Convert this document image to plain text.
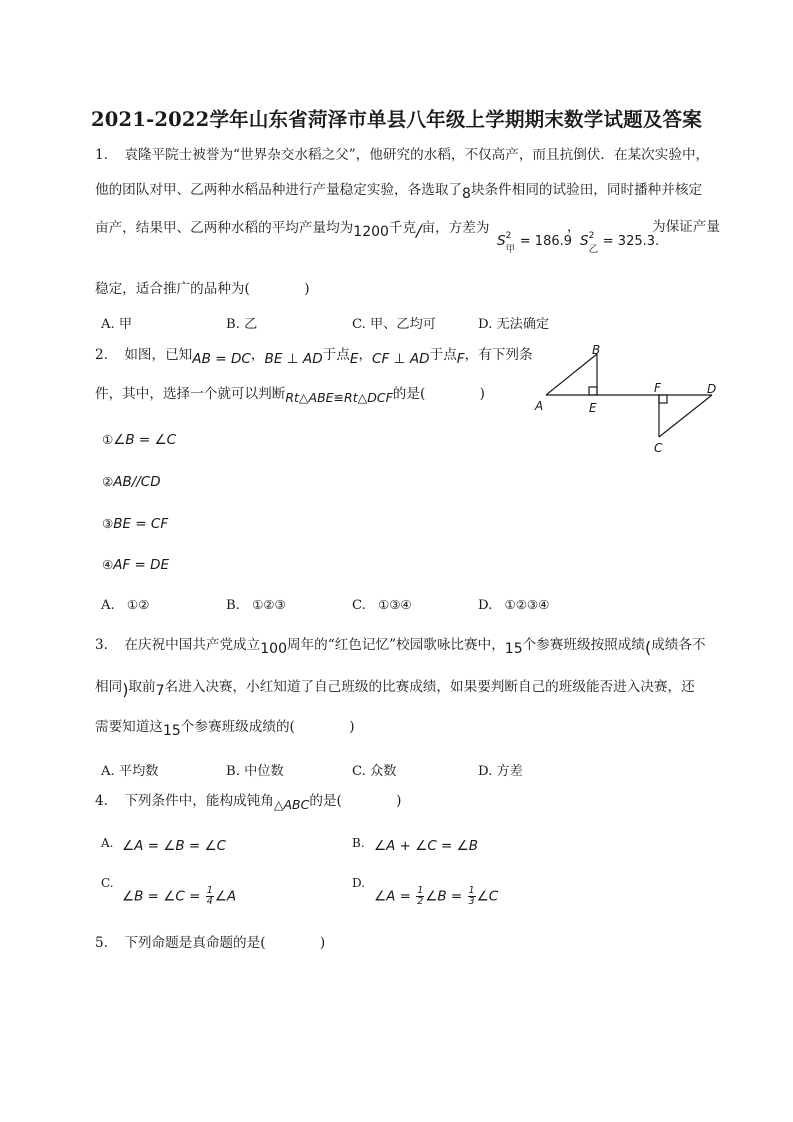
2021-2022学年山东省菏泽市单县八年级上学期期末数学试题及答案
1. 袁隆平院士被誉为“世界杂交水稻之父”，他研究的水稻，不仅高产，而且抗倒伏．在某次实验中，
他的团队对甲、乙两种水稻品种进行产量稳定实验，各选取了8块条件相同的试验田，同时播种并核定
亩产，结果甲、乙两种水稻的平均产量均为1200千克/亩，方差为
S 2
甲
= 186.9
，
S 2
乙
= 325.3.
为保证产量
稳定，适合推广的品种为(　　　　)
A. 甲	B. 乙	C. 甲、乙均可	D. 无法确定
2. 如图，已知AB = DC，BE ⊥ AD于点E，CF ⊥ AD于点F，有下列条
件，其中，选择一个就可以判断Rt△ABE≌Rt△DCF的是(　　　　)
①∠B = ∠C
②AB//CD
③BE = CF
④AF = DE
A. ①②	B. ①②③	C. ①③④	D. ①②③④
A
B
E
F	D
C
3. 在庆祝中国共产党成立100周年的“红色记忆”校园歌咏比赛中，15个参赛班级按照成绩(成绩各不
相同)取前7名进入决赛，小红知道了自己班级的比赛成绩，如果要判断自己的班级能否进入决赛，还
需要知道这15个参赛班级成绩的(　　　　)
A. 平均数	B. 中位数	C. 众数	D. 方差
4. 下列条件中，能构成钝角△ABC的是(　　　　)
A. ∠A = ∠B = ∠C	B. ∠A + ∠C = ∠B
C.
∠B = ∠C = $\frac{1}{4}$ ∠A
D.
∠A = $\frac{1}{2}$ ∠B = $\frac{1}{3}$ ∠C
5. 下列命题是真命题的是(　　　　)
